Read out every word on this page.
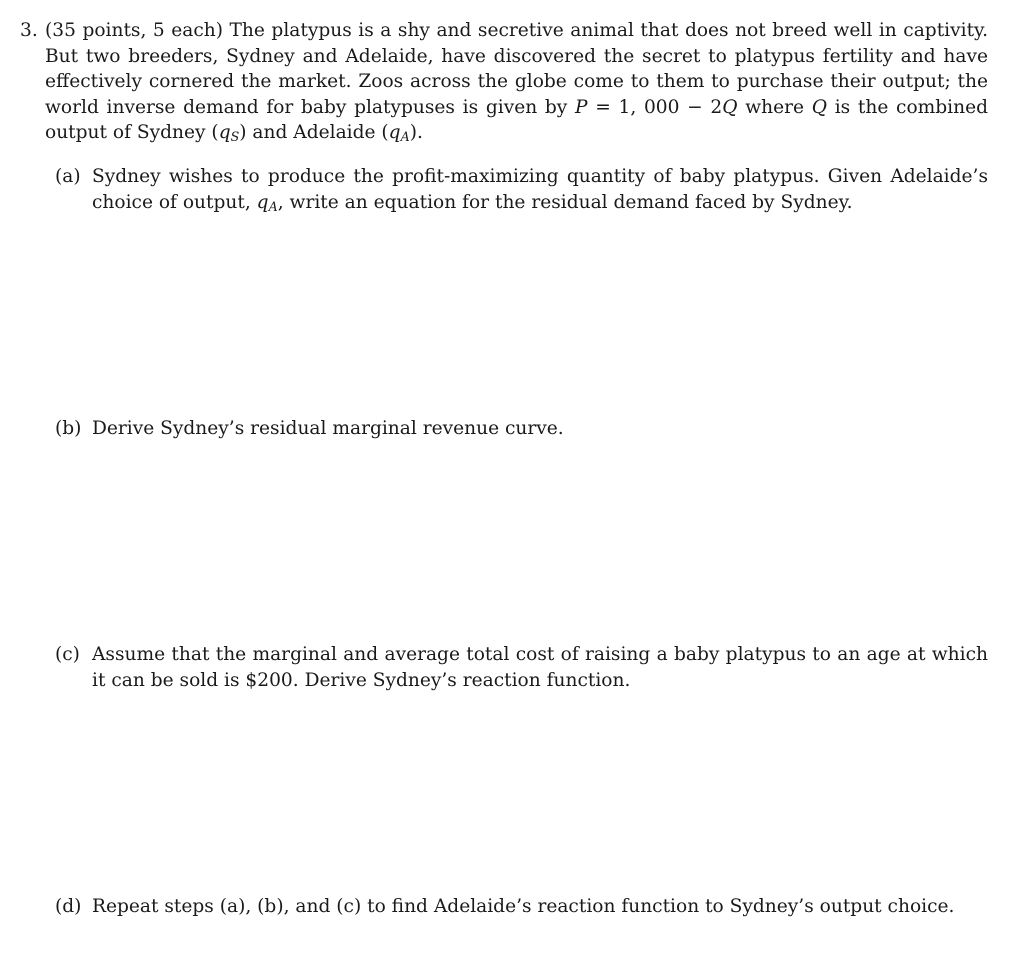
3. (35 points, 5 each) The platypus is a shy and secretive animal that does not breed well in captivity. But two breeders, Sydney and Adelaide, have discovered the secret to platypus fertility and have effectively cornered the market. Zoos across the globe come to them to purchase their output; the world inverse demand for baby platypuses is given by P = 1, 000 − 2Q where Q is the combined output of Sydney $(q_S)$ and Adelaide $(q_A)$.
(a) Sydney wishes to produce the profit-maximizing quantity of baby platypus. Given Adelaide’s choice of output, $q_A$, write an equation for the residual demand faced by Sydney.
(b) Derive Sydney’s residual marginal revenue curve.
(c) Assume that the marginal and average total cost of raising a baby platypus to an age at which it can be sold is $200. Derive Sydney’s reaction function.
(d) Repeat steps (a), (b), and (c) to find Adelaide’s reaction function to Sydney’s output choice.
